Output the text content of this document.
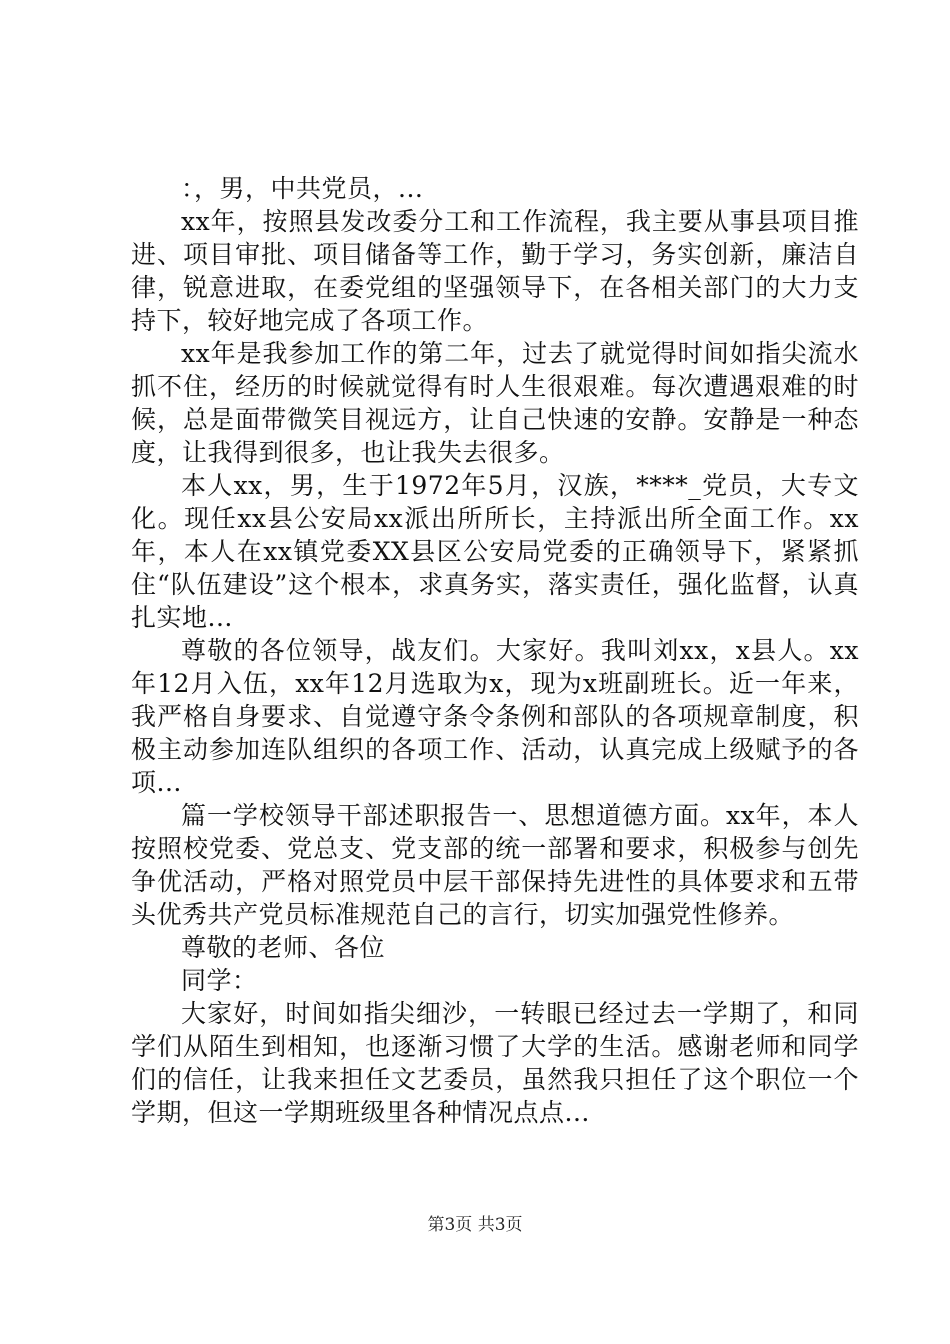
：，男，中共党员，...

xx年，按照县发改委分工和工作流程，我主要从事县项目推进、项目审批、项目储备等工作，勤于学习，务实创新，廉洁自律，锐意进取，在委党组的坚强领导下，在各相关部门的大力支持下，较好地完成了各项工作。

xx年是我参加工作的第二年，过去了就觉得时间如指尖流水抓不住，经历的时候就觉得有时人生很艰难。每次遭遇艰难的时候，总是面带微笑目视远方，让自己快速的安静。安静是一种态度，让我得到很多，也让我失去很多。

本人xx，男，生于1972年5月，汉族，****_党员，大专文化。现任xx县公安局xx派出所所长，主持派出所全面工作。xx年，本人在xx镇党委XX县区公安局党委的正确领导下，紧紧抓住“队伍建设”这个根本，求真务实，落实责任，强化监督，认真扎实地...

尊敬的各位领导，战友们。大家好。我叫刘xx，x县人。xx年12月入伍，xx年12月选取为x，现为x班副班长。近一年来，我严格自身要求、自觉遵守条令条例和部队的各项规章制度，积极主动参加连队组织的各项工作、活动，认真完成上级赋予的各项...

篇一学校领导干部述职报告一、思想道德方面。xx年，本人按照校党委、党总支、党支部的统一部署和要求，积极参与创先争优活动，严格对照党员中层干部保持先进性的具体要求和五带头优秀共产党员标准规范自己的言行，切实加强党性修养。

尊敬的老师、各位

同学：

大家好，时间如指尖细沙，一转眼已经过去一学期了，和同学们从陌生到相知，也逐渐习惯了大学的生活。感谢老师和同学们的信任，让我来担任文艺委员，虽然我只担任了这个职位一个学期，但这一学期班级里各种情况点点...

第3页 共3页
